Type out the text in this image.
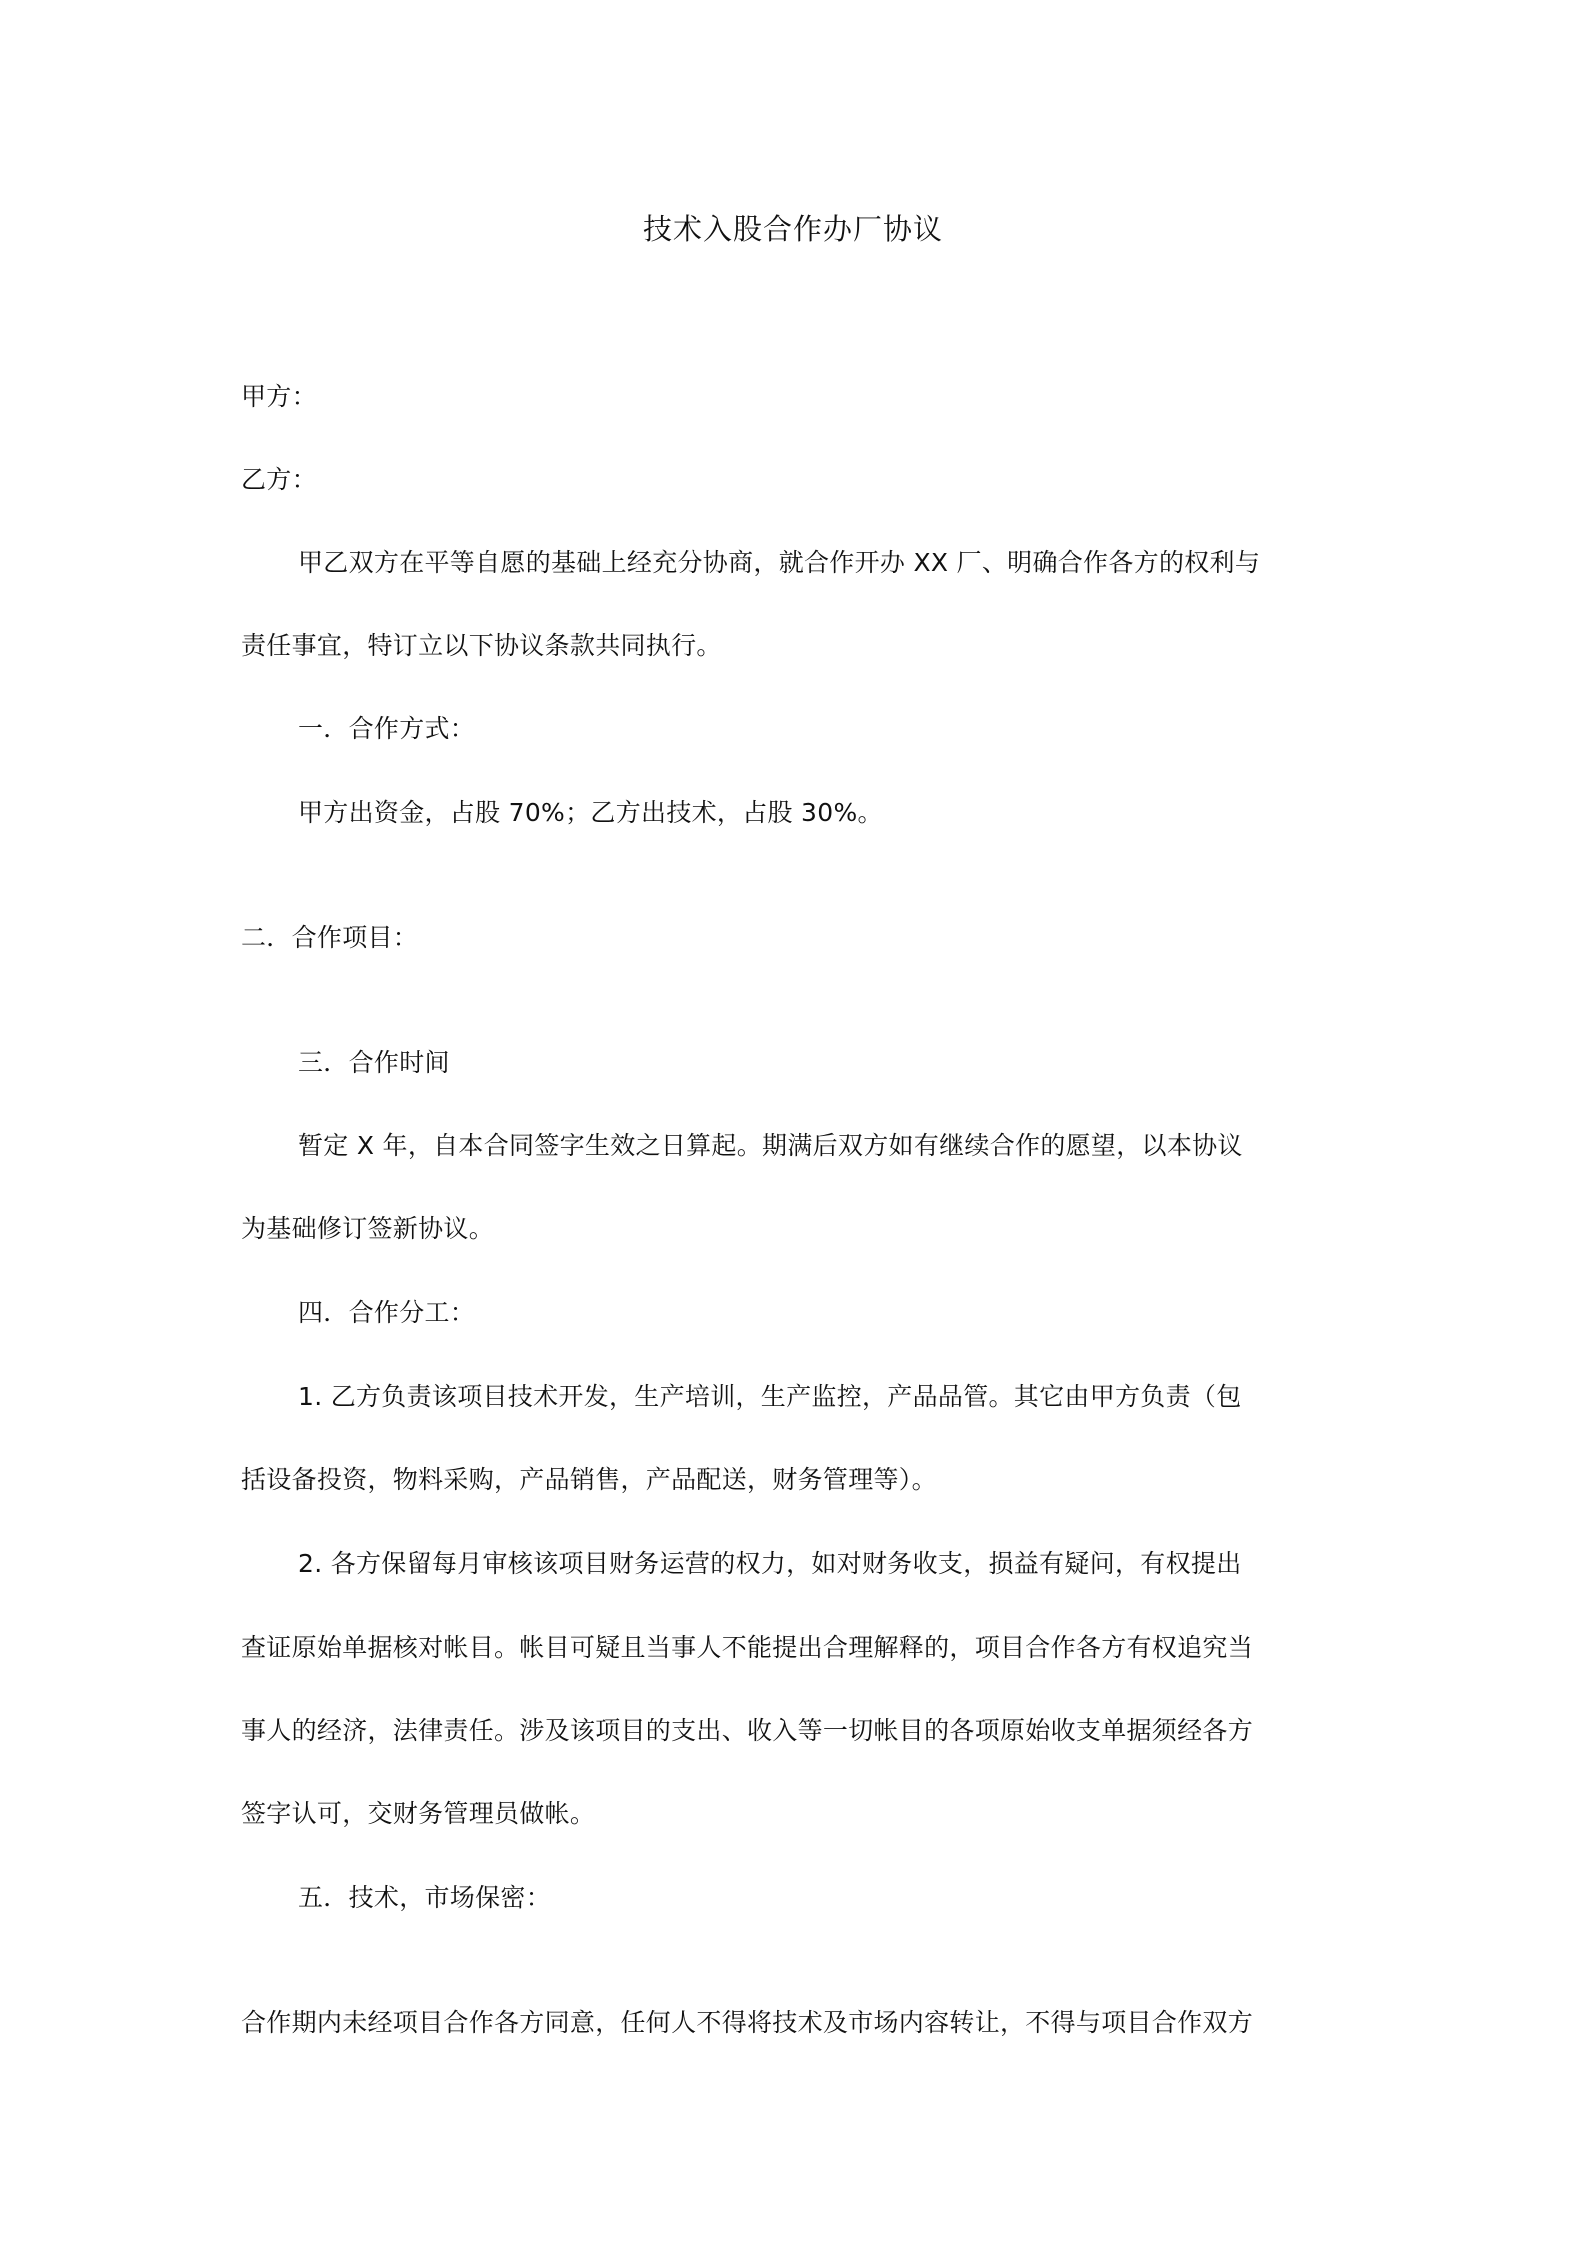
技术入股合作办厂协议
甲方：
乙方：
甲乙双方在平等自愿的基础上经充分协商，就合作开办 XX 厂、明确合作各方的权利与
责任事宜，特订立以下协议条款共同执行。
一．合作方式：
甲方出资金，占股 70%；乙方出技术，占股 30%。
二．合作项目：
三．合作时间
暂定 X 年，自本合同签字生效之日算起。期满后双方如有继续合作的愿望，以本协议
为基础修订签新协议。
四．合作分工：
1. 乙方负责该项目技术开发，生产培训，生产监控，产品品管。其它由甲方负责（包
括设备投资，物料采购，产品销售，产品配送，财务管理等）。
2. 各方保留每月审核该项目财务运营的权力，如对财务收支，损益有疑问，有权提出
查证原始单据核对帐目。帐目可疑且当事人不能提出合理解释的，项目合作各方有权追究当
事人的经济，法律责任。涉及该项目的支出、收入等一切帐目的各项原始收支单据须经各方
签字认可，交财务管理员做帐。
五．技术，市场保密：
合作期内未经项目合作各方同意，任何人不得将技术及市场内容转让，不得与项目合作双方
